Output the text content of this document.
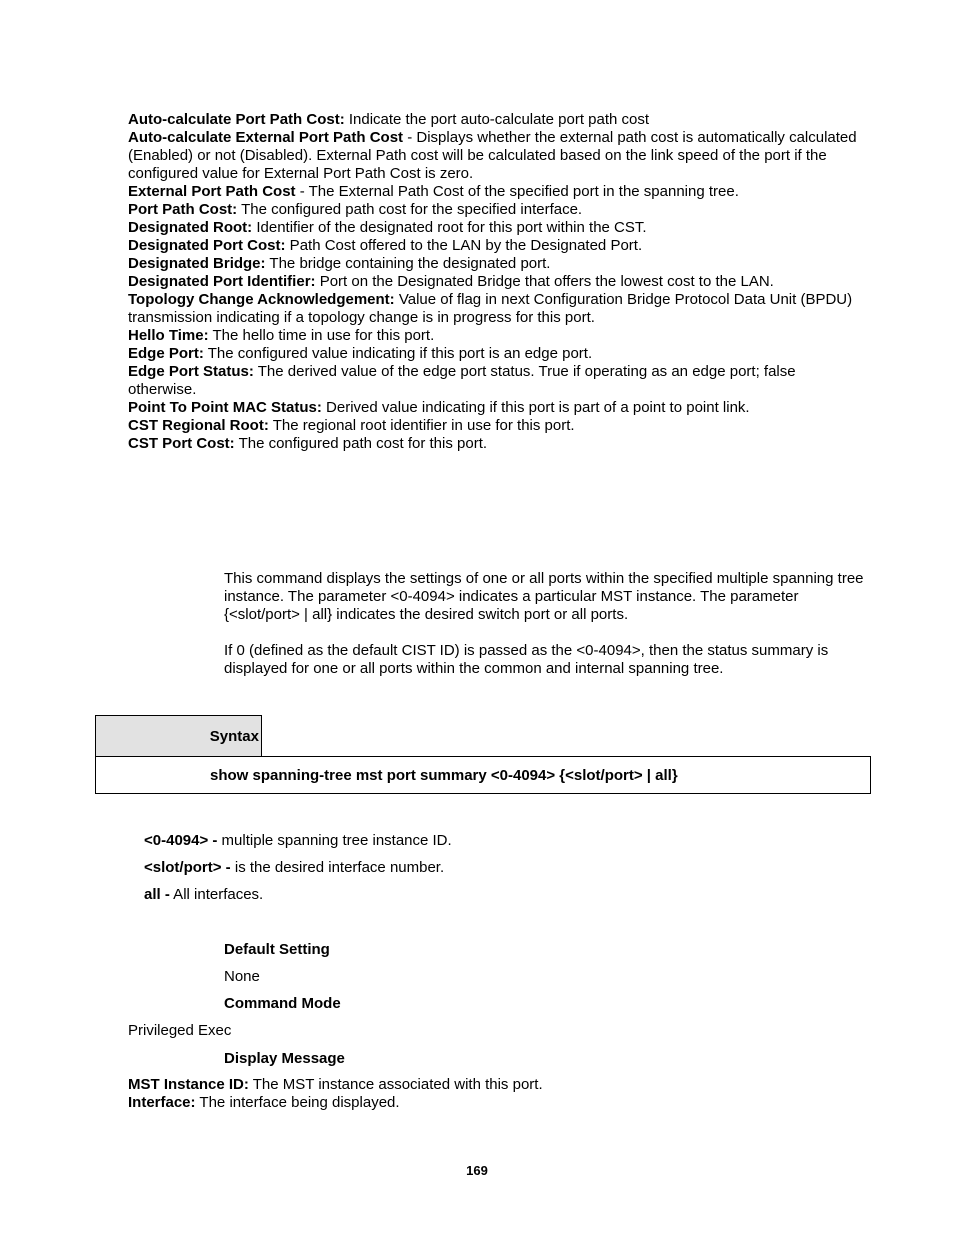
Auto-calculate Port Path Cost: Indicate the port auto-calculate port path cost

Auto-calculate External Port Path Cost - Displays whether the external path cost is automatically calculated (Enabled) or not (Disabled). External Path cost will be calculated based on the link speed of the port if the configured value for External Port Path Cost is zero.

External Port Path Cost - The External Path Cost of the specified port in the spanning tree.

Port Path Cost: The configured path cost for the specified interface.

Designated Root: Identifier of the designated root for this port within the CST.

Designated Port Cost: Path Cost offered to the LAN by the Designated Port.

Designated Bridge: The bridge containing the designated port.

Designated Port Identifier: Port on the Designated Bridge that offers the lowest cost to the LAN.

Topology Change Acknowledgement: Value of flag in next Configuration Bridge Protocol Data Unit (BPDU) transmission indicating if a topology change is in progress for this port.

Hello Time: The hello time in use for this port.

Edge Port: The configured value indicating if this port is an edge port.

Edge Port Status: The derived value of the edge port status. True if operating as an edge port; false otherwise.

Point To Point MAC Status: Derived value indicating if this port is part of a point to point link.

CST Regional Root: The regional root identifier in use for this port.

CST Port Cost: The configured path cost for this port.

This command displays the settings of one or all ports within the specified multiple spanning tree instance. The parameter <0-4094> indicates a particular MST instance. The parameter {<slot/port> | all} indicates the desired switch port or all ports.

If 0 (defined as the default CIST ID) is passed as the <0-4094>, then the status summary is displayed for one or all ports within the common and internal spanning tree.

Syntax
show spanning-tree mst port summary <0-4094> {<slot/port> | all}

<0-4094> - multiple spanning tree instance ID.

<slot/port> - is the desired interface number.

all - All interfaces.

Default Setting

None

Command Mode

Privileged Exec

Display Message

MST Instance ID: The MST instance associated with this port.

Interface: The interface being displayed.

169
